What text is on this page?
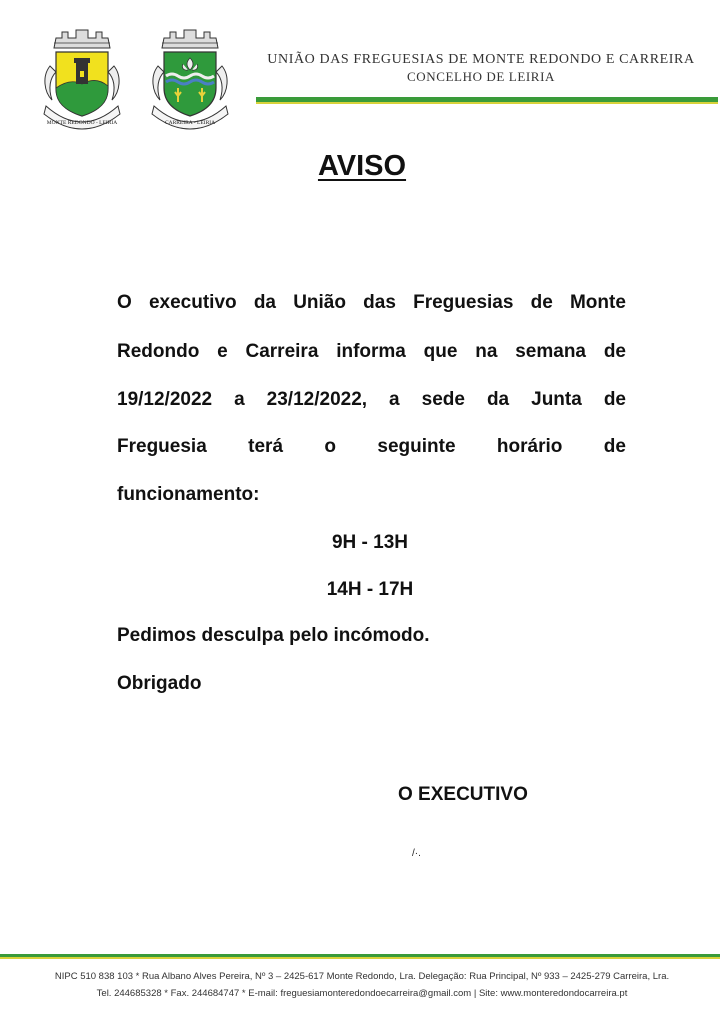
MONTE REDONDO - LEIRIA	CARREIRA - LEIRIA
UNIÃO DAS FREGUESIAS DE MONTE REDONDO E CARREIRA
CONCELHO DE LEIRIA
AVISO
O executivo da União das Freguesias de Monte
Redondo e Carreira informa que na semana de
19/12/2022 a 23/12/2022, a sede da Junta de
Freguesia terá o seguinte horário de
funcionamento:
9H - 13H
14H - 17H
Pedimos desculpa pelo incómodo.
Obrigado
O EXECUTIVO
/·.
NIPC 510 838 103 * Rua Albano Alves Pereira, Nº 3 – 2425-617 Monte Redondo, Lra. Delegação: Rua Principal, Nº 933 – 2425-279 Carreira, Lra.
Tel. 244685328 * Fax. 244684747 * E-mail: freguesiamonteredondoecarreira@gmail.com | Site: www.monteredondocarreira.pt
